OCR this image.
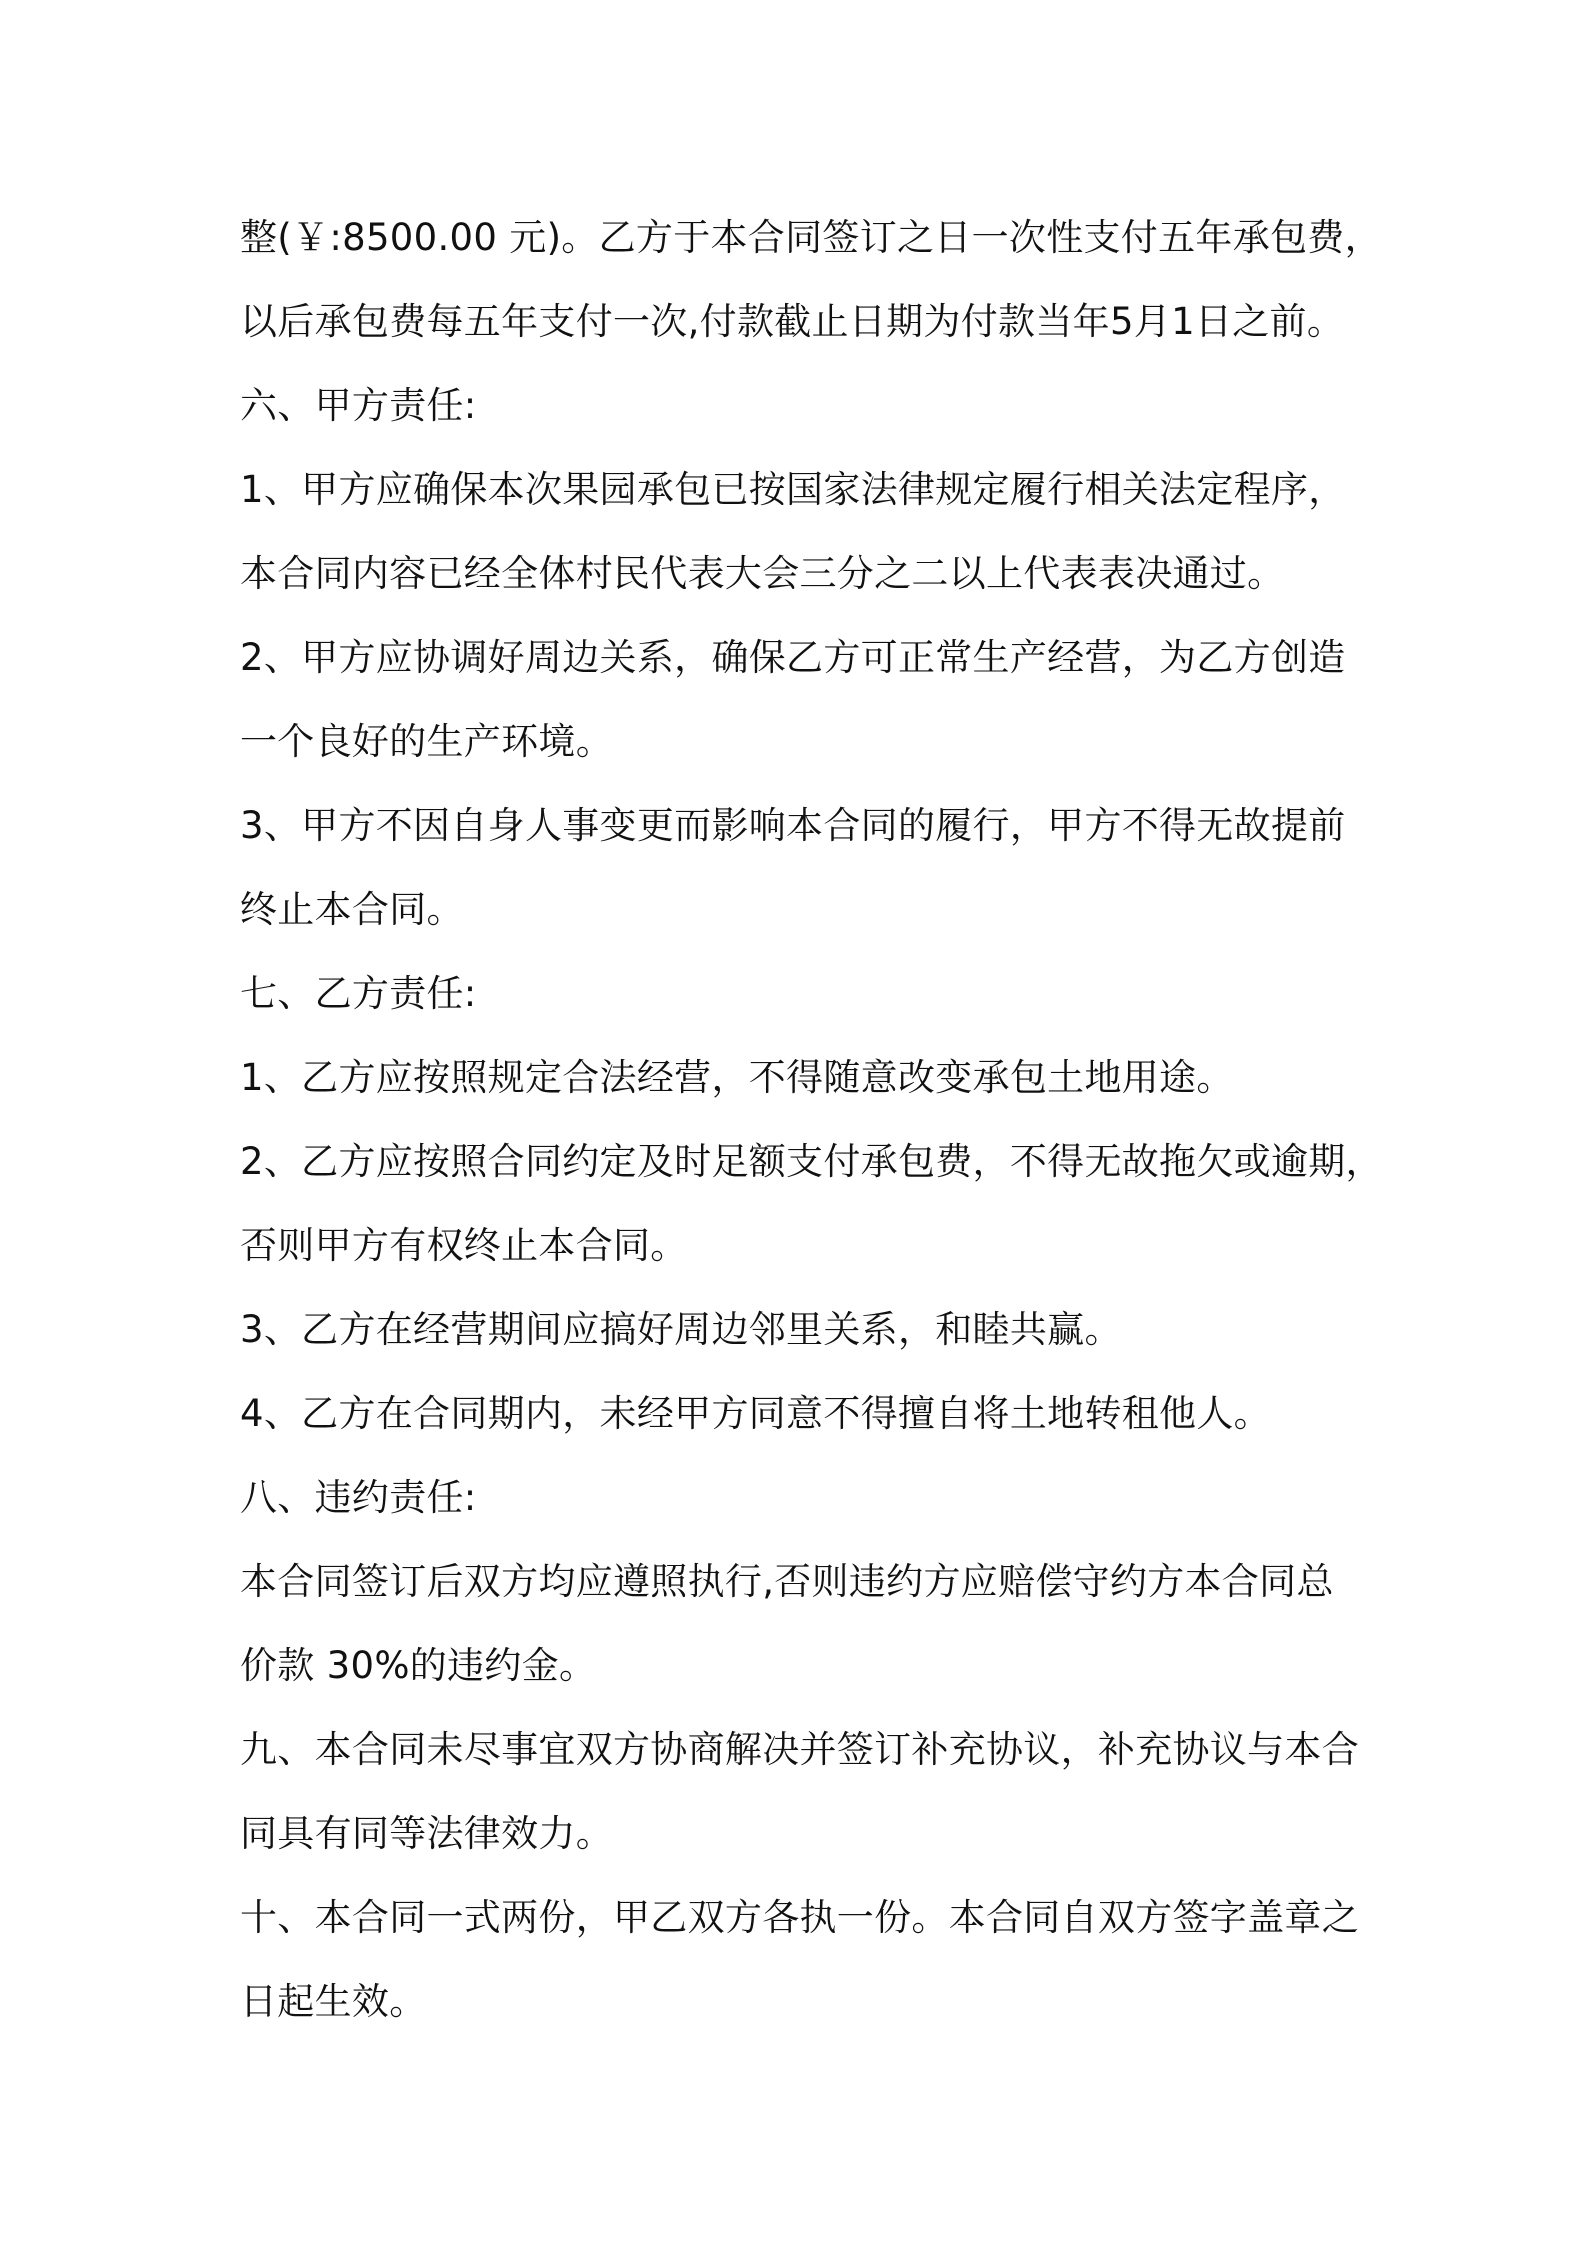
整(￥:8500.00 元)。乙方于本合同签订之日一次性支付五年承包费，
以后承包费每五年支付一次,付款截止日期为付款当年5月1日之前。
六、甲方责任:
1、甲方应确保本次果园承包已按国家法律规定履行相关法定程序，
本合同内容已经全体村民代表大会三分之二以上代表表决通过。
2、甲方应协调好周边关系，确保乙方可正常生产经营，为乙方创造
一个良好的生产环境。
3、甲方不因自身人事变更而影响本合同的履行，甲方不得无故提前
终止本合同。
七、乙方责任:
1、乙方应按照规定合法经营，不得随意改变承包土地用途。
2、乙方应按照合同约定及时足额支付承包费，不得无故拖欠或逾期，
否则甲方有权终止本合同。
3、乙方在经营期间应搞好周边邻里关系，和睦共赢。
4、乙方在合同期内，未经甲方同意不得擅自将土地转租他人。
八、违约责任:
本合同签订后双方均应遵照执行,否则违约方应赔偿守约方本合同总
价款 30%的违约金。
九、本合同未尽事宜双方协商解决并签订补充协议，补充协议与本合
同具有同等法律效力。
十、本合同一式两份，甲乙双方各执一份。本合同自双方签字盖章之
日起生效。
